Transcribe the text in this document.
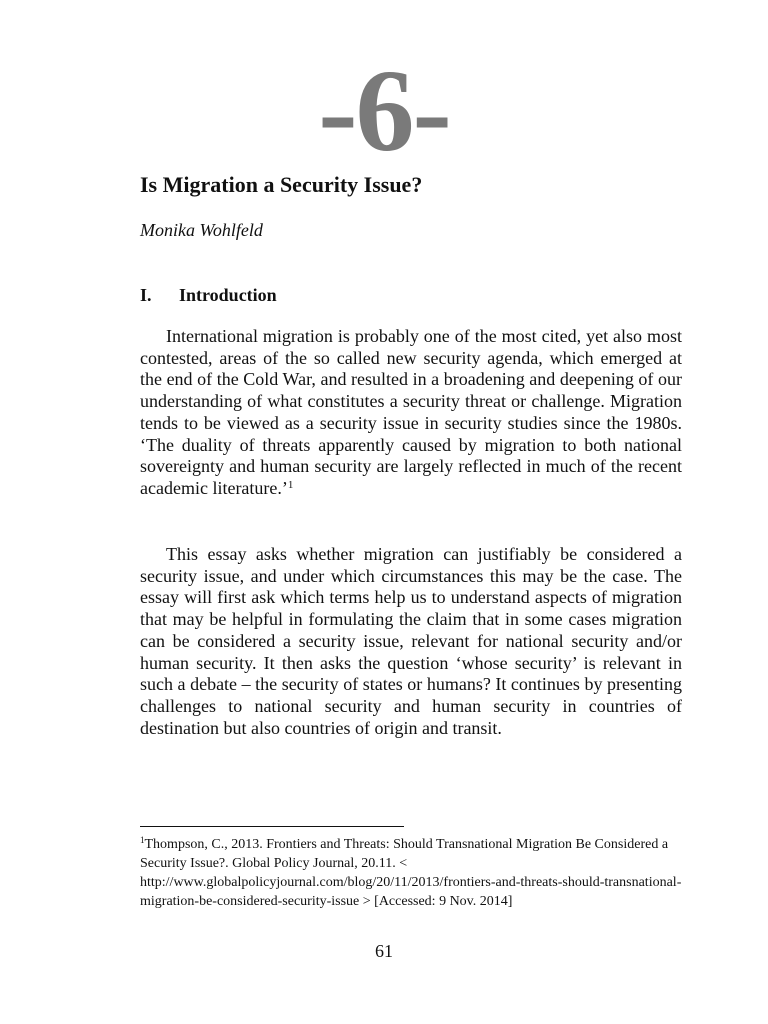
-6-
Is Migration a Security Issue?
Monika Wohlfeld
I. Introduction

International migration is probably one of the most cited, yet also most contested, areas of the so called new security agenda, which emerged at the end of the Cold War, and resulted in a broadening and deepening of our understanding of what constitutes a security threat or challenge. Migration tends to be viewed as a security issue in security studies since the 1980s. ‘The duality of threats apparently caused by migration to both national sovereignty and human security are largely reflected in much of the recent academic literature.’$^1$

This essay asks whether migration can justifiably be considered a security issue, and under which circumstances this may be the case. The essay will first ask which terms help us to understand aspects of migration that may be helpful in formulating the claim that in some cases migration can be considered a security issue, relevant for national security and/or human security. It then asks the question ‘whose security’ is relevant in such a debate – the security of states or humans? It continues by presenting challenges to national security and human security in countries of destination but also countries of origin and transit.

$^1$Thompson, C., 2013. Frontiers and Threats: Should Transnational Migration Be Considered a Security Issue?. Global Policy Journal, 20.11. < http://www.globalpolicyjournal.com/blog/20/11/2013/frontiers-and-threats-should-transnational-migration-be-considered-security-issue > [Accessed: 9 Nov. 2014]

61
